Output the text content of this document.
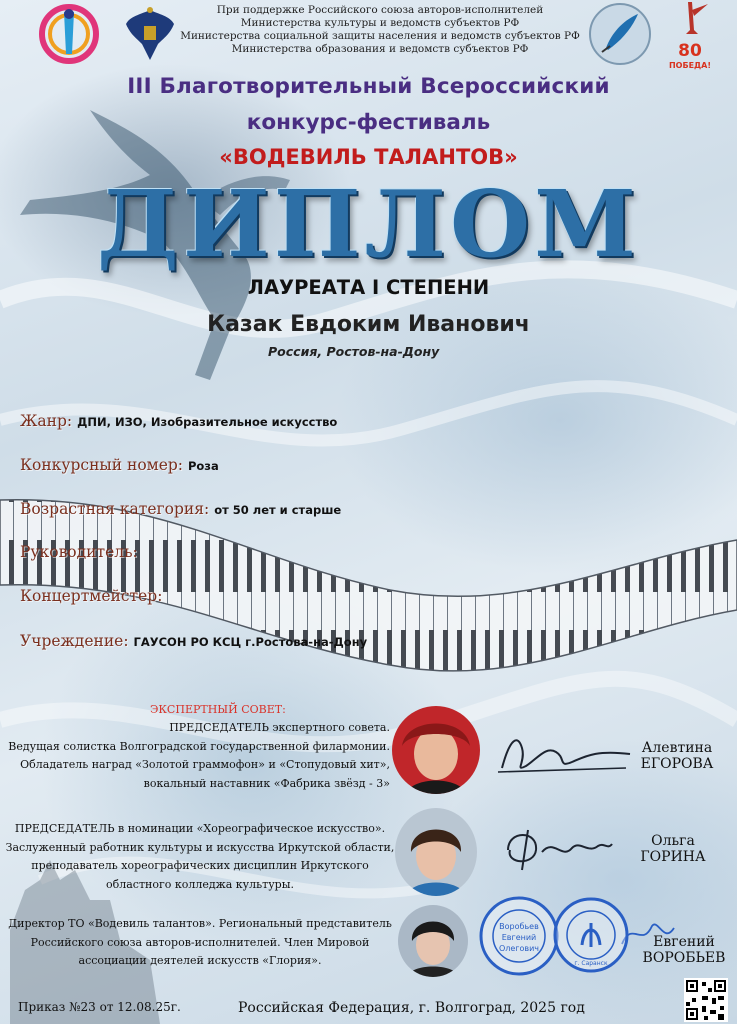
При поддержке Российского союза авторов-исполнителей
Министерства культуры и ведомств субъектов РФ
Министерства социальной защиты населения и ведомств субъектов РФ
Министерства образования и ведомств субъектов РФ	80
ПОБЕДА!
III Благотворительный Всероссийский
конкурс-фестиваль
«ВОДЕВИЛЬ ТАЛАНТОВ»
ДИПЛОМ
ЛАУРЕАТА I СТЕПЕНИ
Казак Евдоким Иванович
Россия, Ростов-на-Дону
Жанр: ДПИ, ИЗО, Изобразительное искусство
Конкурсный номер: Роза
Возрастная категория: от 50 лет и старше
Руководитель:
Концертмейстер:
Учреждение: ГАУСОН РО КСЦ г.Ростова-на-Дону
ЭКСПЕРТНЫЙ СОВЕТ:
ПРЕДСЕДАТЕЛЬ экспертного совета.
Ведущая солистка Волгоградской государственной филармонии.
Обладатель наград «Золотой граммофон» и «Стопудовый хит»,
вокальный наставник «Фабрика звёзд - 3»
ПРЕДСЕДАТЕЛЬ в номинации «Хореографическое искусство».
Заслуженный работник культуры и искусства Иркутской области,
преподаватель хореографических дисциплин Иркутского
областного колледжа культуры.
Директор ТО «Водевиль талантов». Региональный представитель
Российского союза авторов-исполнителей. Член Мировой
ассоциации деятелей искусств «Глория».
Алевтина
ЕГОРОВА
Ольга
ГОРИНА
Евгений
ВОРОБЬЕВ
Воробьев
Евгений
Олегович
г. Саранск
Приказ №23 от 12.08.25г.	Российская Федерация, г. Волгоград, 2025 год
